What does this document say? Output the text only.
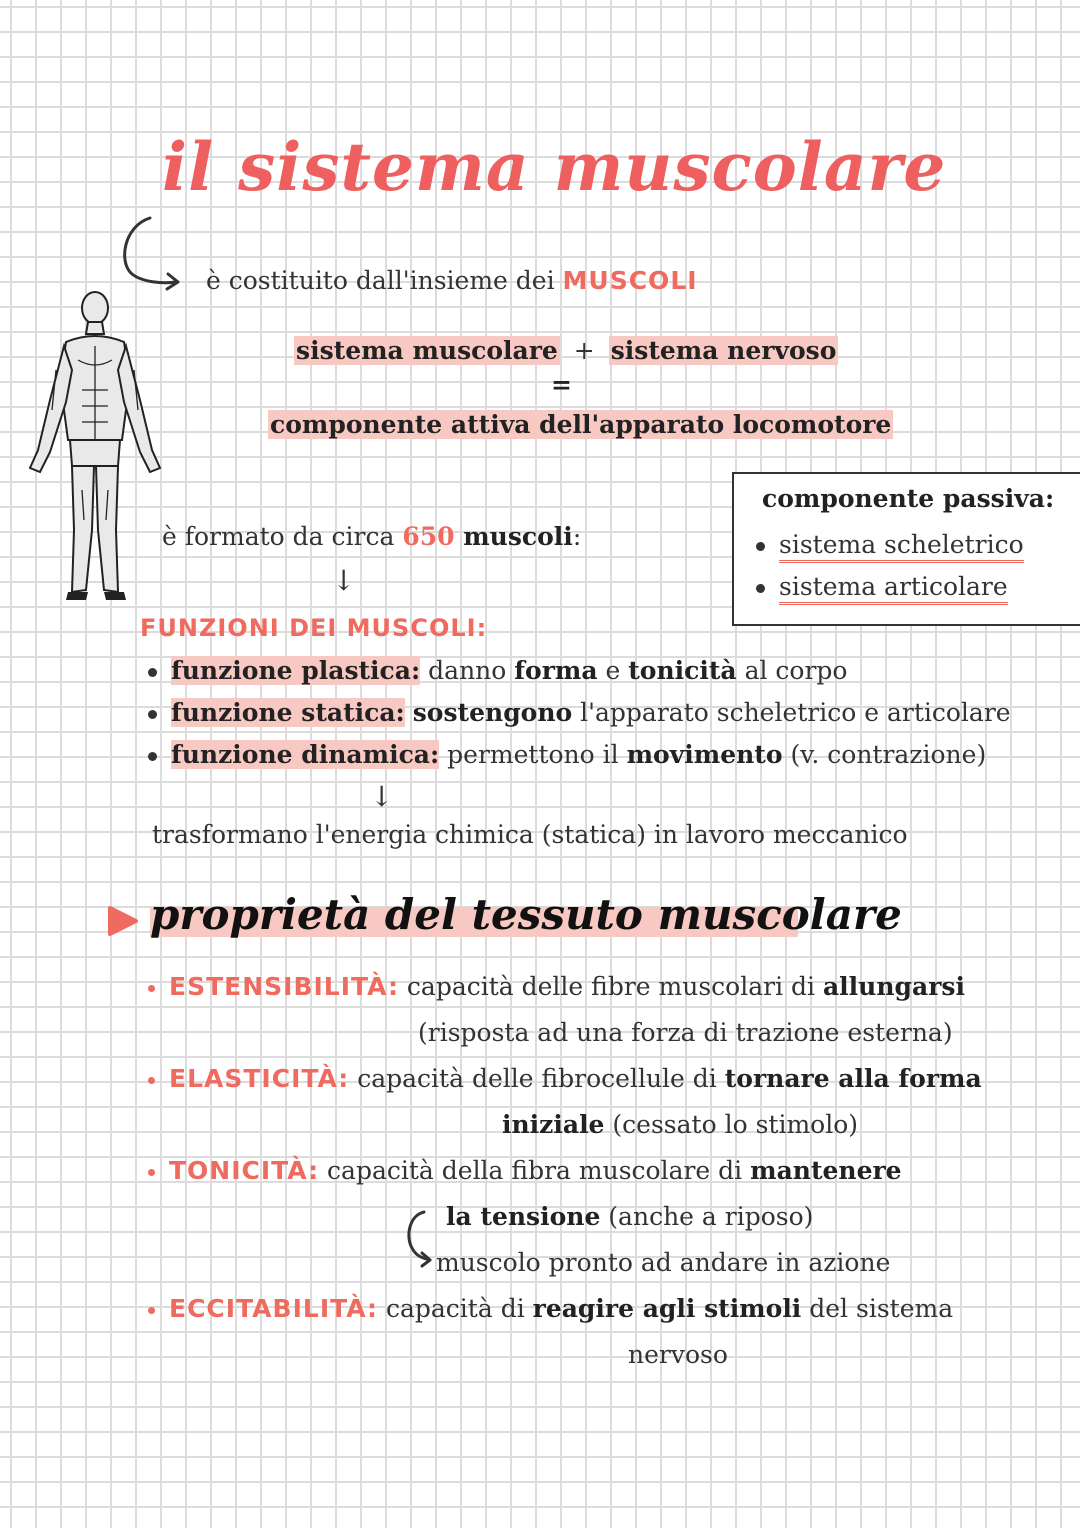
il sistema muscolare
è costituito dall'insieme dei MUSCOLI
sistema muscolare + sistema nervoso
=
componente attiva dell'apparato locomotore
componente passiva:
sistema scheletrico
sistema articolare
è formato da circa 650 muscoli:
↓
FUNZIONI DEI MUSCOLI:
funzione plastica: danno forma e tonicità al corpo
funzione statica: sostengono l'apparato scheletrico e articolare
funzione dinamica: permettono il movimento (v. contrazione)
↓
trasformano l'energia chimica (statica) in lavoro meccanico
proprietà del tessuto muscolare
ESTENSIBILITÀ: capacità delle fibre muscolari di allungarsi
(risposta ad una forza di trazione esterna)
ELASTICITÀ: capacità delle fibrocellule di tornare alla forma
iniziale (cessato lo stimolo)
TONICITÀ: capacità della fibra muscolare di mantenere
la tensione (anche a riposo)
muscolo pronto ad andare in azione
ECCITABILITÀ: capacità di reagire agli stimoli del sistema
nervoso
